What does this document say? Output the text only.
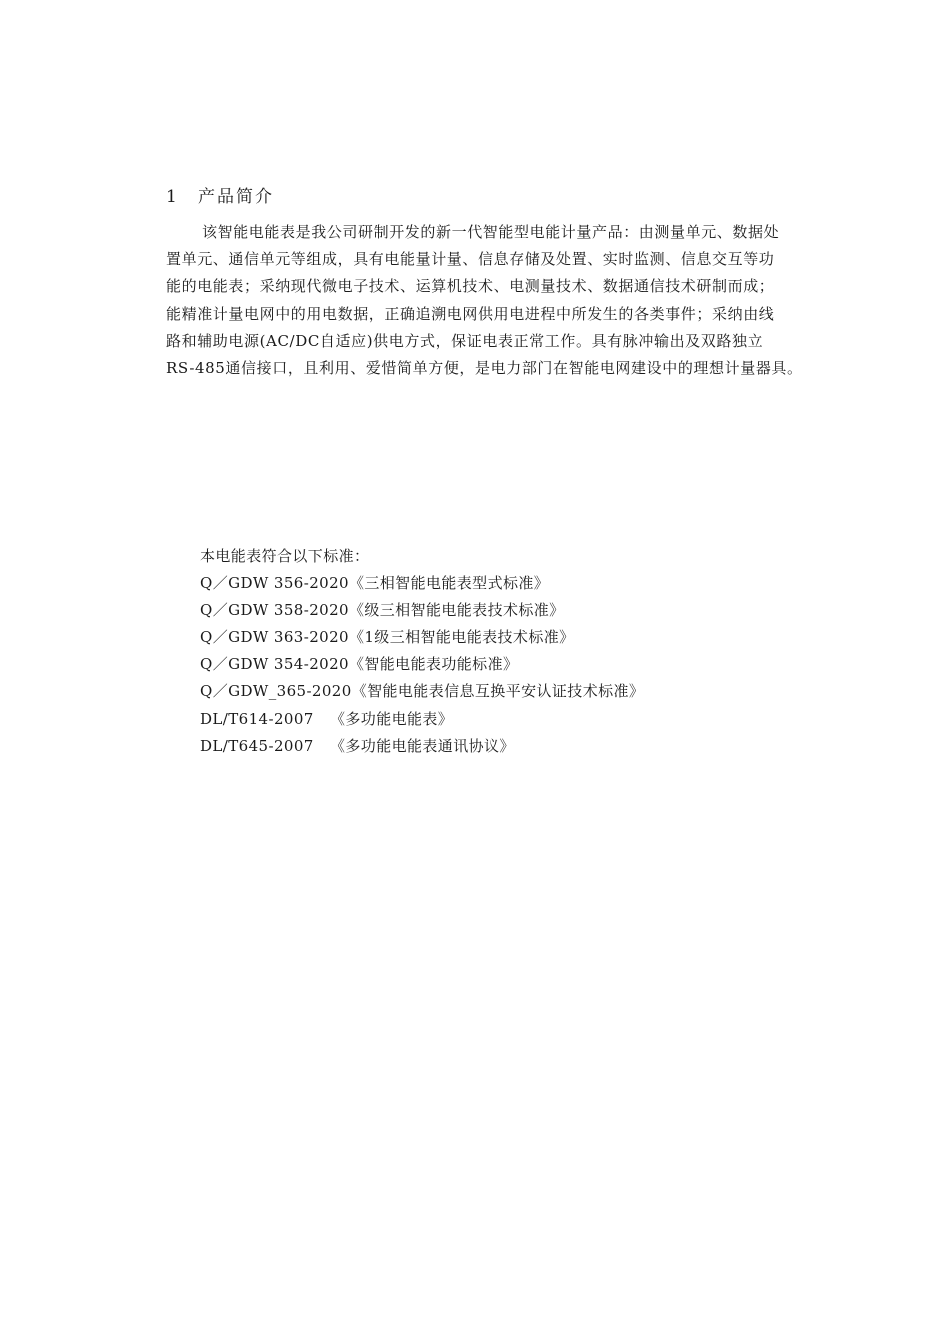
1 产品简介
该智能电能表是我公司研制开发的新一代智能型电能计量产品：由测量单元、数据处
置单元、通信单元等组成，具有电能量计量、信息存储及处置、实时监测、信息交互等功
能的电能表；采纳现代微电子技术、运算机技术、电测量技术、数据通信技术研制而成；
能精准计量电网中的用电数据，正确追溯电网供用电进程中所发生的各类事件；采纳由线
路和辅助电源(AC/DC自适应)供电方式，保证电表正常工作。具有脉冲输出及双路独立
RS-485通信接口，且利用、爱惜简单方便，是电力部门在智能电网建设中的理想计量器具。
本电能表符合以下标准：
Q／GDW 356-2020《三相智能电能表型式标准》
Q／GDW 358-2020《级三相智能电能表技术标准》
Q／GDW 363-2020《1级三相智能电能表技术标准》
Q／GDW 354-2020《智能电能表功能标准》
Q／GDW_365-2020《智能电能表信息互换平安认证技术标准》
DL/T614-2007 《多功能电能表》
DL/T645-2007 《多功能电能表通讯协议》
